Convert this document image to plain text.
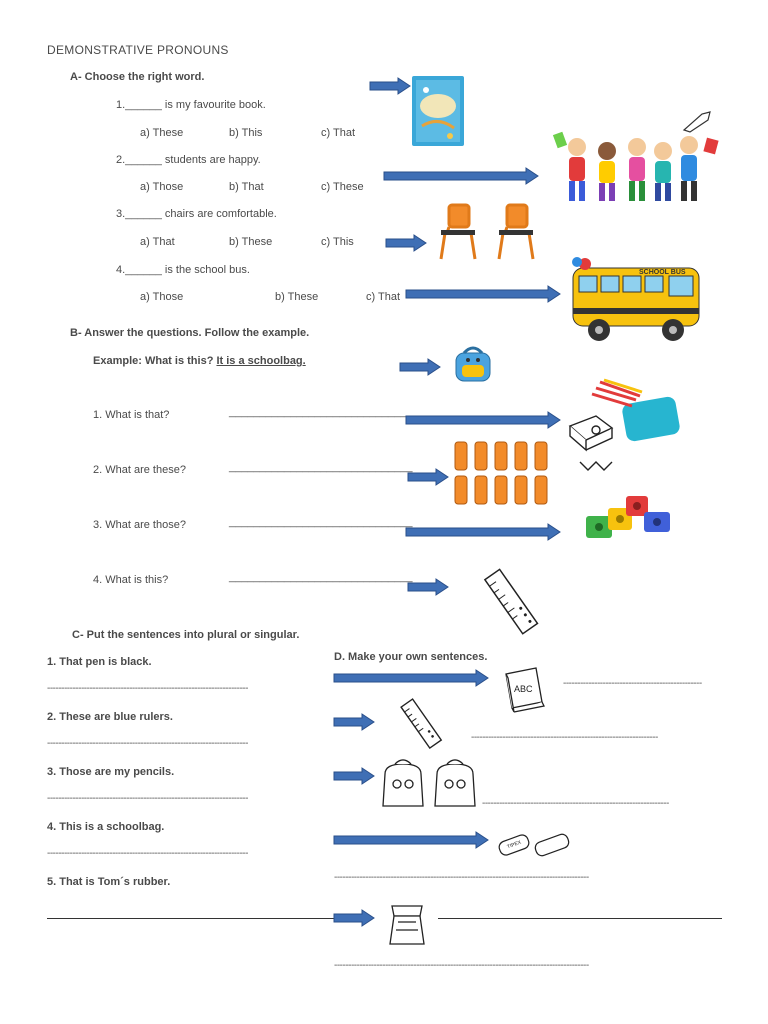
DEMONSTRATIVE PRONOUNS
A- Choose the right word.
1.______ is my favourite book.
a) These	b) This	c) That
2.______ students are happy.
a) Those	b) That	c) These
3.______ chairs are comfortable.
a) That	b) These	c) This
4.______ is the school bus.
a) Those	b) These	c) That
SCHOOL BUS
B- Answer the questions. Follow the example.
Example: What is this? It is a schoolbag.
1. What is that?	______________________________
2. What are these?	______________________________
3. What are those?	______________________________
4. What is this?	______________________________
C- Put the sentences into plural or singular.
1. That pen is black.
-----------------------------------------------------------------------
2. These are blue rulers.
-----------------------------------------------------------------------
3. Those are my pencils.
-----------------------------------------------------------------------
4. This is a schoolbag.
-----------------------------------------------------------------------
5. That is Tom´s rubber.
D. Make your own sentences.
ABC	-------------------------------------------------
------------------------------------------------------------------
------------------------------------------------------------------
TIPEX
------------------------------------------------------------------------------------------
------------------------------------------------------------------------------------------
